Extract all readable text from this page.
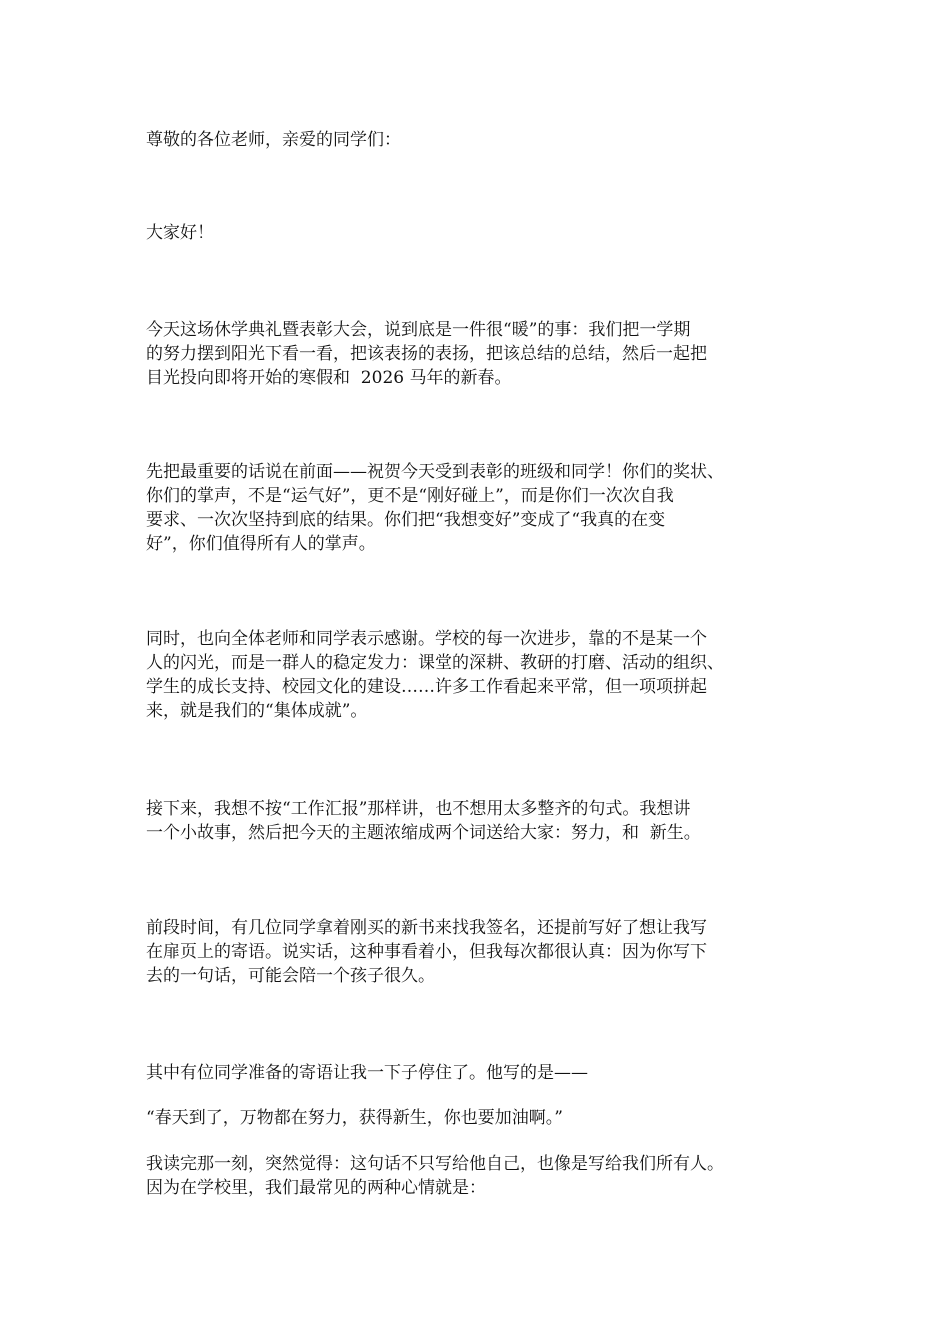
尊敬的各位老师，亲爱的同学们：

大家好！

今天这场休学典礼暨表彰大会，说到底是一件很“暖”的事：我们把一学期

的努力摆到阳光下看一看，把该表扬的表扬，把该总结的总结，然后一起把

目光投向即将开始的寒假和  2026 马年的新春。

先把最重要的话说在前面——祝贺今天受到表彰的班级和同学！你们的奖状、

你们的掌声，不是“运气好”，更不是“刚好碰上”，而是你们一次次自我

要求、一次次坚持到底的结果。你们把“我想变好”变成了“我真的在变

好”，你们值得所有人的掌声。

同时，也向全体老师和同学表示感谢。学校的每一次进步，靠的不是某一个

人的闪光，而是一群人的稳定发力：课堂的深耕、教研的打磨、活动的组织、

学生的成长支持、校园文化的建设……许多工作看起来平常，但一项项拼起

来，就是我们的“集体成就”。

接下来，我想不按“工作汇报”那样讲，也不想用太多整齐的句式。我想讲

一个小故事，然后把今天的主题浓缩成两个词送给大家：努力，和  新生。

前段时间，有几位同学拿着刚买的新书来找我签名，还提前写好了想让我写

在扉页上的寄语。说实话，这种事看着小，但我每次都很认真：因为你写下

去的一句话，可能会陪一个孩子很久。

其中有位同学准备的寄语让我一下子停住了。他写的是——

“春天到了，万物都在努力，获得新生，你也要加油啊。”

我读完那一刻，突然觉得：这句话不只写给他自己，也像是写给我们所有人。

因为在学校里，我们最常见的两种心情就是：
